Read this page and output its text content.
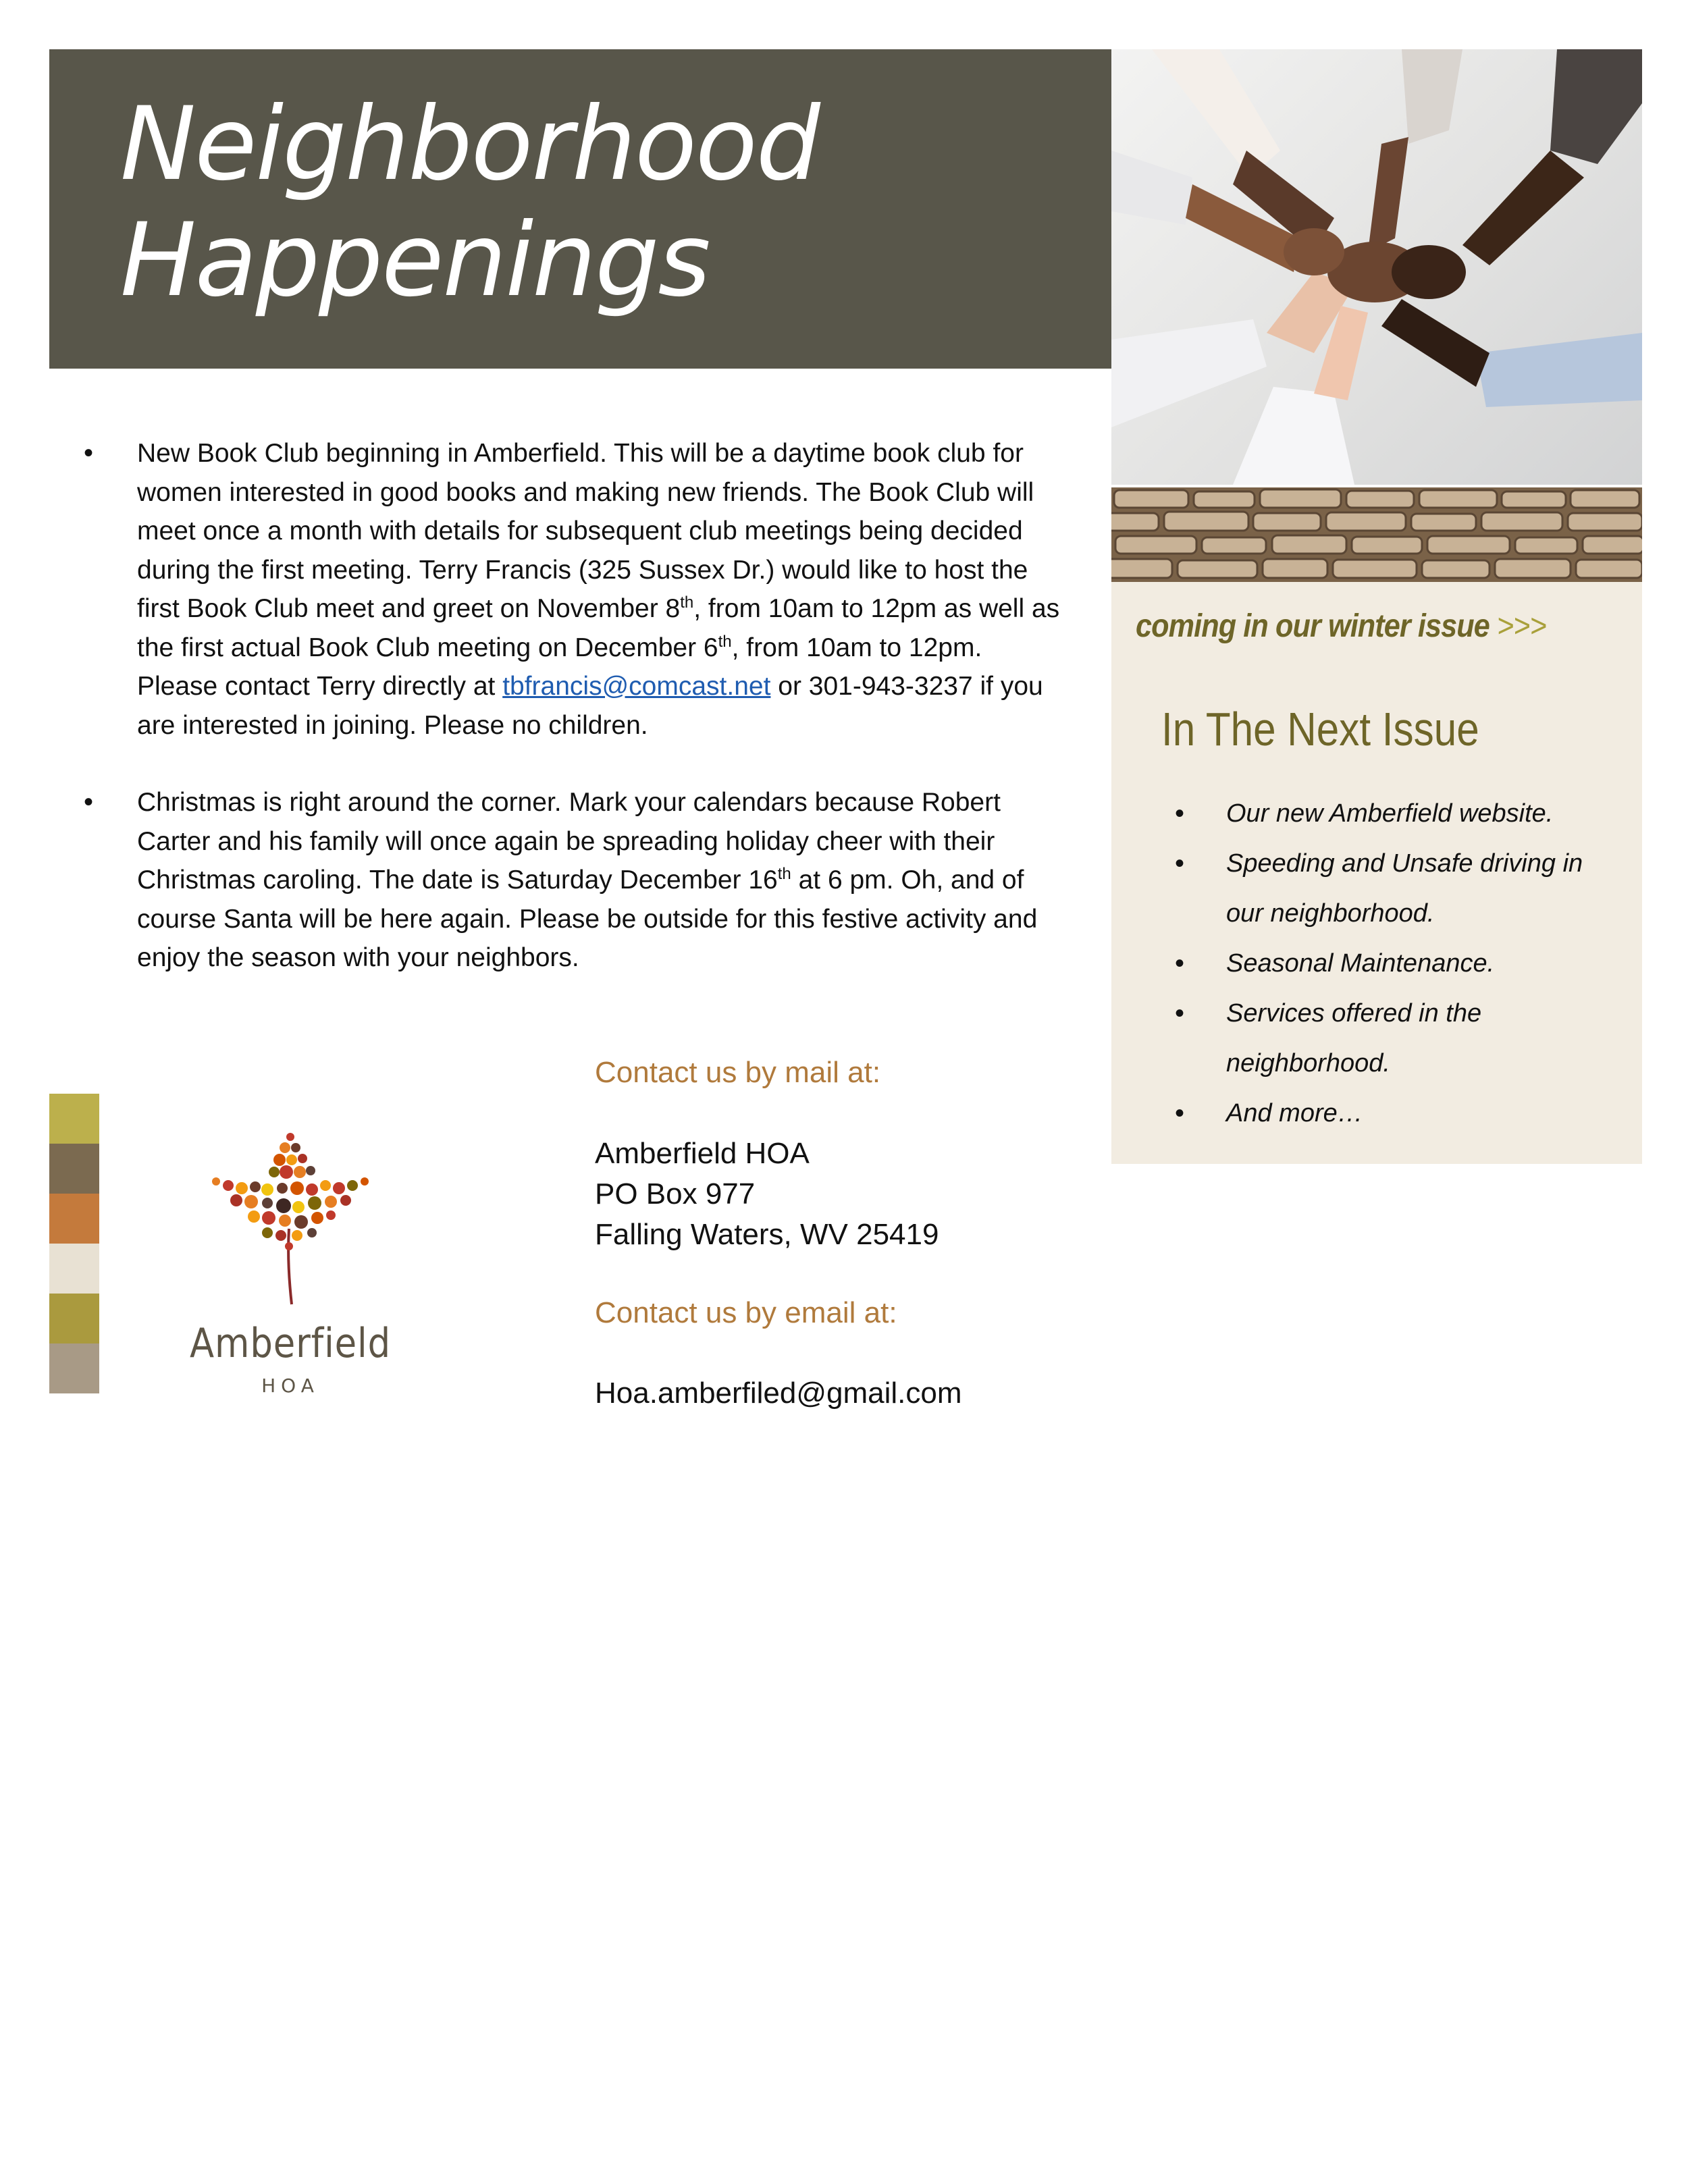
Neighborhood
Happenings

coming in our winter issue >>>

In The Next Issue
• Our new Amberfield website.
• Speeding and Unsafe driving in our neighborhood.
• Seasonal Maintenance.
• Services offered in the neighborhood.
• And more…
• New Book Club beginning in Amberfield. This will be a daytime book club for women interested in good books and making new friends. The Book Club will meet once a month with details for subsequent club meetings being decided during the first meeting. Terry Francis (325 Sussex Dr.) would like to host the first Book Club meet and greet on November 8th, from 10am to 12pm as well as the first actual Book Club meeting on December 6th, from 10am to 12pm. Please contact Terry directly at tbfrancis@comcast.net or 301-943-3237 if you are interested in joining. Please no children.
• Christmas is right around the corner. Mark your calendars because Robert Carter and his family will once again be spreading holiday cheer with their Christmas caroling. The date is Saturday December 16th at 6 pm. Oh, and of course Santa will be here again. Please be outside for this festive activity and enjoy the season with your neighbors.

Amberfield

HOA

Contact us by mail at:

Amberfield HOA

PO Box 977

Falling Waters, WV 25419

Contact us by email at:

Hoa.amberfiled@gmail.com
